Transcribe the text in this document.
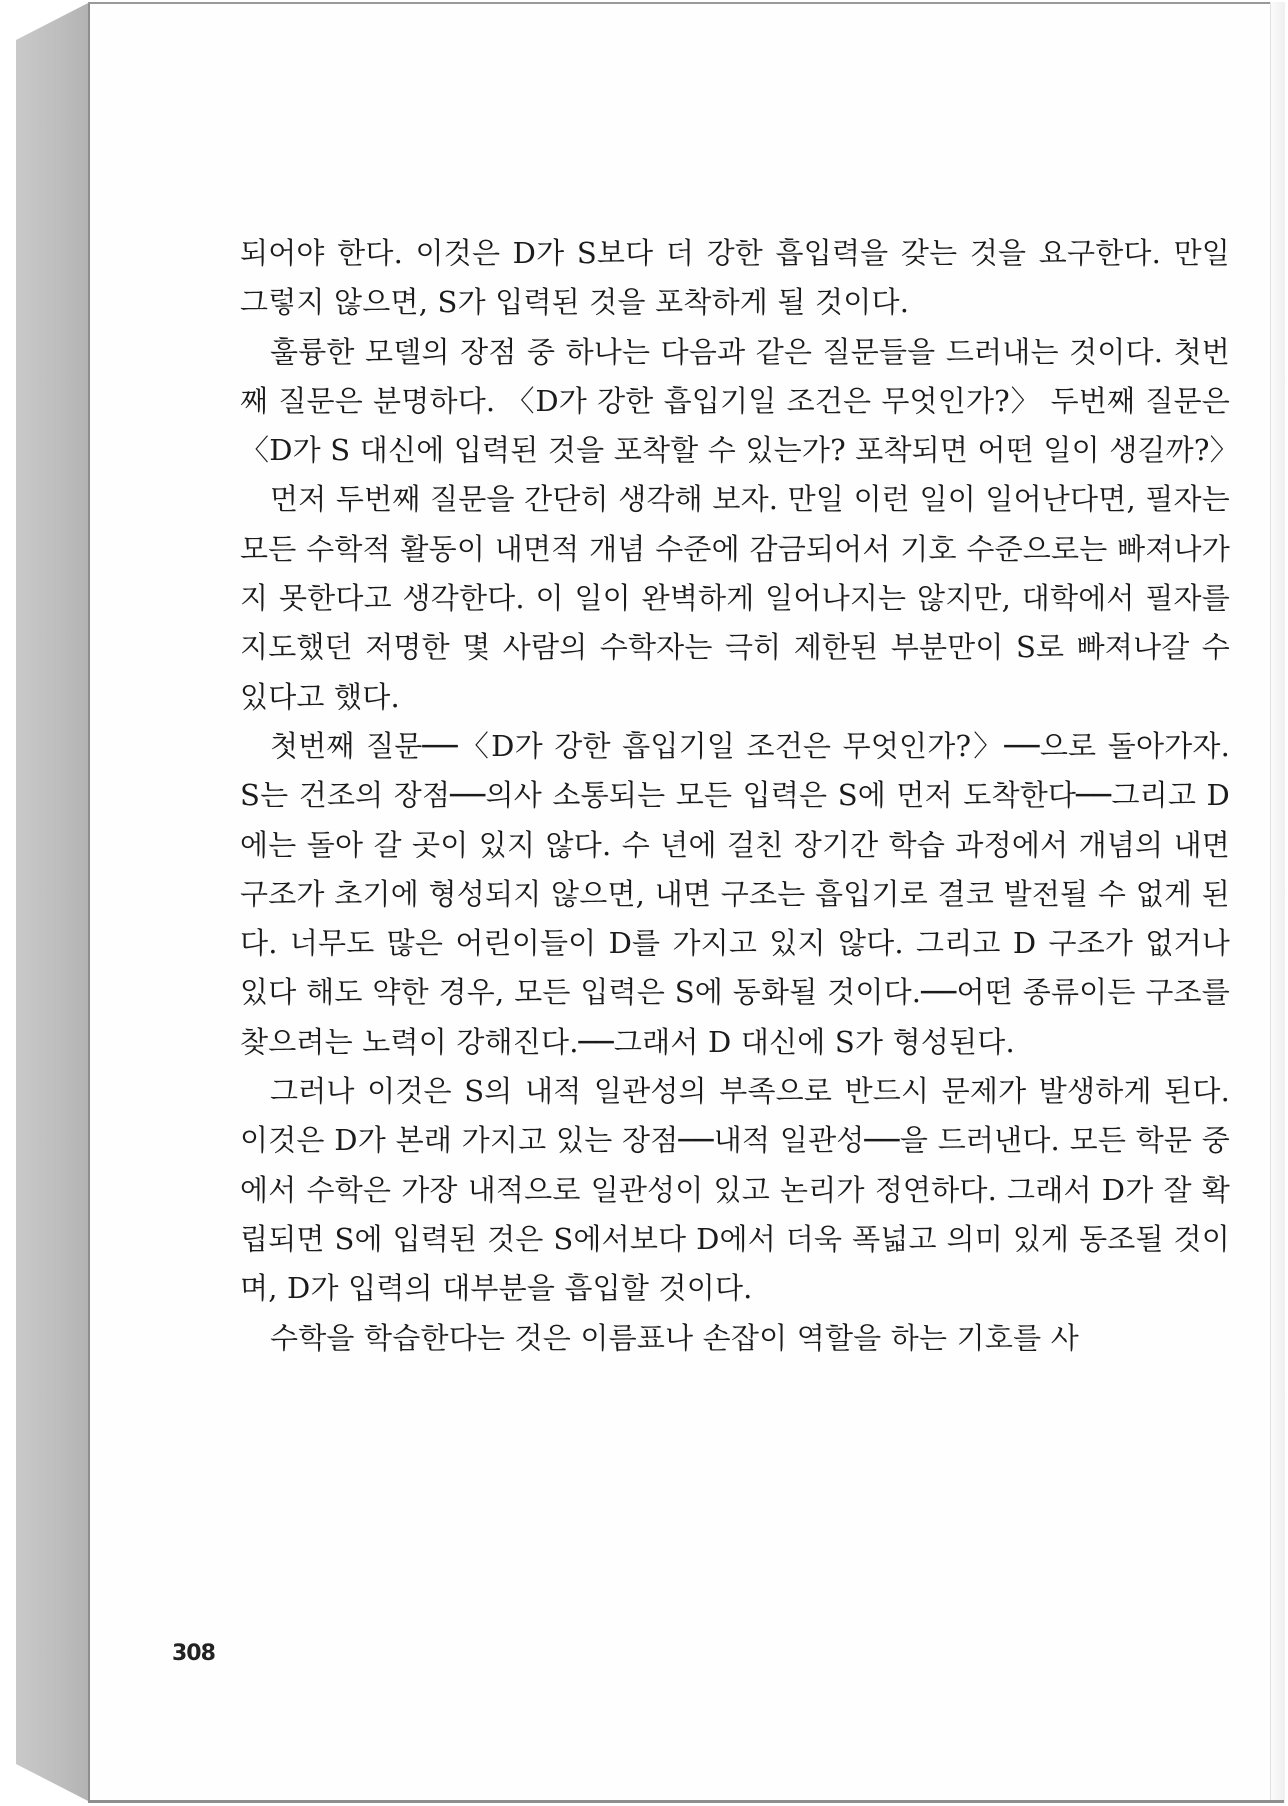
되어야 한다. 이것은 D가 S보다 더 강한 흡입력을 갖는 것을 요구한다. 만일 그렇지 않으면, S가 입력된 것을 포착하게 될 것이다.

훌륭한 모델의 장점 중 하나는 다음과 같은 질문들을 드러내는 것이다. 첫번째 질문은 분명하다. 〈D가 강한 흡입기일 조건은 무엇인가?〉 두번째 질문은 〈D가 S 대신에 입력된 것을 포착할 수 있는가? 포착되면 어떤 일이 생길까?〉

먼저 두번째 질문을 간단히 생각해 보자. 만일 이런 일이 일어난다면, 필자는 모든 수학적 활동이 내면적 개념 수준에 감금되어서 기호 수준으로는 빠져나가지 못한다고 생각한다. 이 일이 완벽하게 일어나지는 않지만, 대학에서 필자를 지도했던 저명한 몇 사람의 수학자는 극히 제한된 부분만이 S로 빠져나갈 수 있다고 했다.

첫번째 질문──〈D가 강한 흡입기일 조건은 무엇인가?〉──으로 돌아가자. S는 건조의 장점──의사 소통되는 모든 입력은 S에 먼저 도착한다──그리고 D에는 돌아 갈 곳이 있지 않다. 수 년에 걸친 장기간 학습 과정에서 개념의 내면 구조가 초기에 형성되지 않으면, 내면 구조는 흡입기로 결코 발전될 수 없게 된다. 너무도 많은 어린이들이 D를 가지고 있지 않다. 그리고 D 구조가 없거나 있다 해도 약한 경우, 모든 입력은 S에 동화될 것이다.──어떤 종류이든 구조를 찾으려는 노력이 강해진다.──그래서 D 대신에 S가 형성된다.

그러나 이것은 S의 내적 일관성의 부족으로 반드시 문제가 발생하게 된다. 이것은 D가 본래 가지고 있는 장점──내적 일관성──을 드러낸다. 모든 학문 중에서 수학은 가장 내적으로 일관성이 있고 논리가 정연하다. 그래서 D가 잘 확립되면 S에 입력된 것은 S에서보다 D에서 더욱 폭넓고 의미 있게 동조될 것이며, D가 입력의 대부분을 흡입할 것이다.

수학을 학습한다는 것은 이름표나 손잡이 역할을 하는 기호를 사

308
